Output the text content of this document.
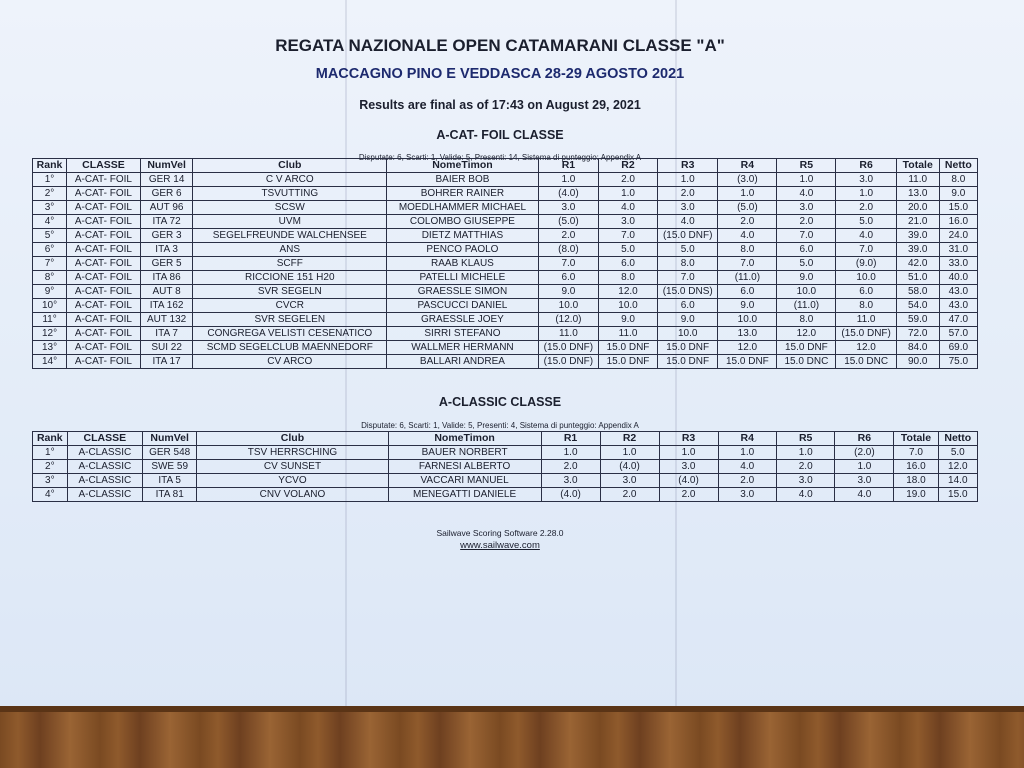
REGATA NAZIONALE OPEN CATAMARANI CLASSE "A"
MACCAGNO PINO E VEDDASCA 28-29 AGOSTO 2021
Results are final as of 17:43 on August 29, 2021
A-CAT- FOIL CLASSE
Disputate: 6, Scarti: 1, Valide: 5, Presenti: 14, Sistema di punteggio: Appendix A
Rank	CLASSE	NumVel	Club	NomeTimon	R1	R2	R3	R4	R5	R6	Totale	Netto
1°	A-CAT- FOIL	GER 14	C V ARCO	BAIER BOB	1.0	2.0	1.0	(3.0)	1.0	3.0	11.0	8.0
2°	A-CAT- FOIL	GER 6	TSVUTTING	BOHRER RAINER	(4.0)	1.0	2.0	1.0	4.0	1.0	13.0	9.0
3°	A-CAT- FOIL	AUT 96	SCSW	MOEDLHAMMER MICHAEL	3.0	4.0	3.0	(5.0)	3.0	2.0	20.0	15.0
4°	A-CAT- FOIL	ITA 72	UVM	COLOMBO GIUSEPPE	(5.0)	3.0	4.0	2.0	2.0	5.0	21.0	16.0
5°	A-CAT- FOIL	GER 3	SEGELFREUNDE WALCHENSEE	DIETZ MATTHIAS	2.0	7.0	(15.0 DNF)	4.0	7.0	4.0	39.0	24.0
6°	A-CAT- FOIL	ITA 3	ANS	PENCO PAOLO	(8.0)	5.0	5.0	8.0	6.0	7.0	39.0	31.0
7°	A-CAT- FOIL	GER 5	SCFF	RAAB KLAUS	7.0	6.0	8.0	7.0	5.0	(9.0)	42.0	33.0
8°	A-CAT- FOIL	ITA 86	RICCIONE 151 H20	PATELLI MICHELE	6.0	8.0	7.0	(11.0)	9.0	10.0	51.0	40.0
9°	A-CAT- FOIL	AUT 8	SVR SEGELN	GRAESSLE SIMON	9.0	12.0	(15.0 DNS)	6.0	10.0	6.0	58.0	43.0
10°	A-CAT- FOIL	ITA 162	CVCR	PASCUCCI DANIEL	10.0	10.0	6.0	9.0	(11.0)	8.0	54.0	43.0
11°	A-CAT- FOIL	AUT 132	SVR SEGELEN	GRAESSLE JOEY	(12.0)	9.0	9.0	10.0	8.0	11.0	59.0	47.0
12°	A-CAT- FOIL	ITA 7	CONGREGA VELISTI CESENATICO	SIRRI STEFANO	11.0	11.0	10.0	13.0	12.0	(15.0 DNF)	72.0	57.0
13°	A-CAT- FOIL	SUI 22	SCMD SEGELCLUB MAENNEDORF	WALLMER HERMANN	(15.0 DNF)	15.0 DNF	15.0 DNF	12.0	15.0 DNF	12.0	84.0	69.0
14°	A-CAT- FOIL	ITA 17	CV ARCO	BALLARI ANDREA	(15.0 DNF)	15.0 DNF	15.0 DNF	15.0 DNF	15.0 DNC	15.0 DNC	90.0	75.0
A-CLASSIC CLASSE
Disputate: 6, Scarti: 1, Valide: 5, Presenti: 4, Sistema di punteggio: Appendix A
Rank	CLASSE	NumVel	Club	NomeTimon	R1	R2	R3	R4	R5	R6	Totale	Netto
1°	A-CLASSIC	GER 548	TSV HERRSCHING	BAUER NORBERT	1.0	1.0	1.0	1.0	1.0	(2.0)	7.0	5.0
2°	A-CLASSIC	SWE 59	CV SUNSET	FARNESI ALBERTO	2.0	(4.0)	3.0	4.0	2.0	1.0	16.0	12.0
3°	A-CLASSIC	ITA 5	YCVO	VACCARI MANUEL	3.0	3.0	(4.0)	2.0	3.0	3.0	18.0	14.0
4°	A-CLASSIC	ITA 81	CNV VOLANO	MENEGATTI DANIELE	(4.0)	2.0	2.0	3.0	4.0	4.0	19.0	15.0
Sailwave Scoring Software 2.28.0
www.sailwave.com
